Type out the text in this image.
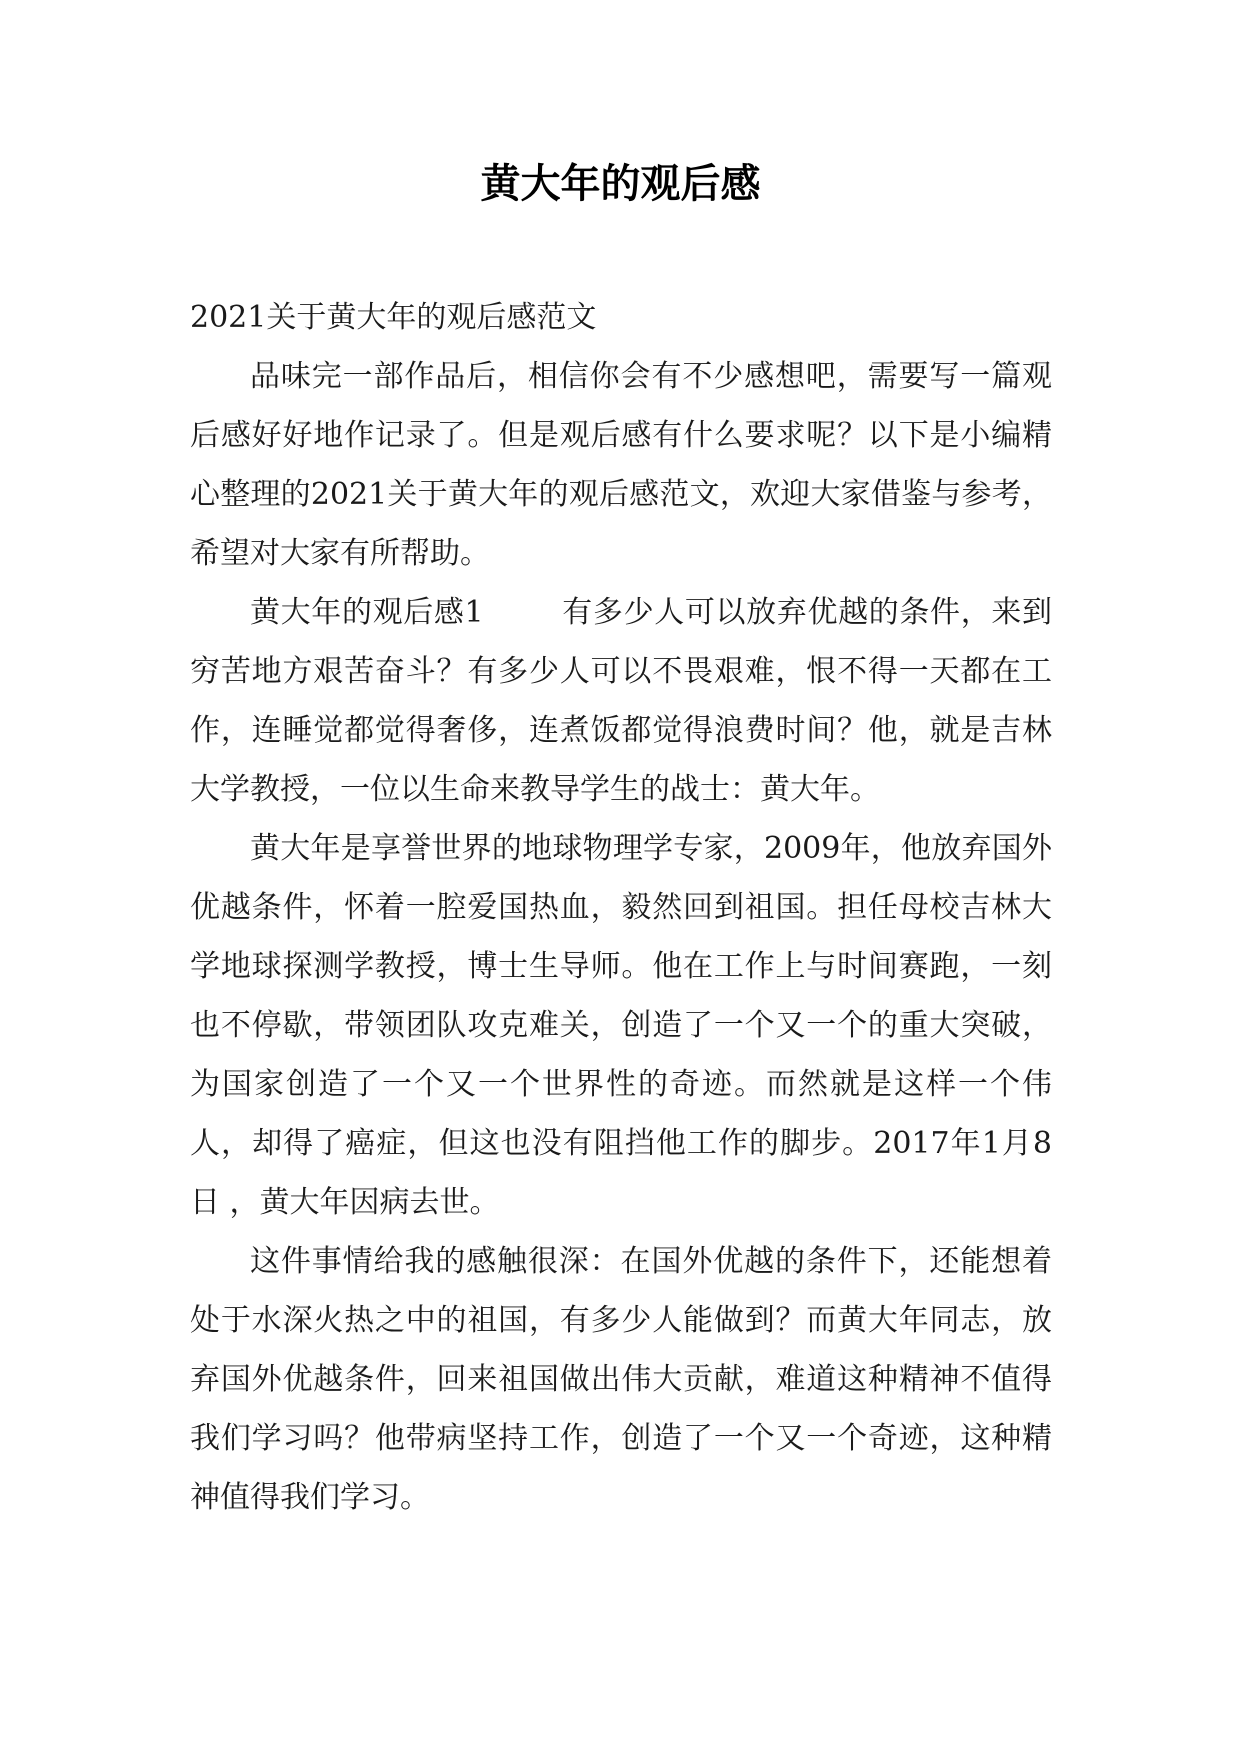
黄大年的观后感

2021关于黄大年的观后感范文

品味完一部作品后，相信你会有不少感想吧，需要写一篇观后感好好地作记录了。但是观后感有什么要求呢？以下是小编精心整理的2021关于黄大年的观后感范文，欢迎大家借鉴与参考，希望对大家有所帮助。

黄大年的观后感1	有多少人可以放弃优越的条件，来到穷苦地方艰苦奋斗？有多少人可以不畏艰难，恨不得一天都在工作，连睡觉都觉得奢侈，连煮饭都觉得浪费时间？他，就是吉林大学教授，一位以生命来教导学生的战士：黄大年。

黄大年是享誉世界的地球物理学专家，2009年，他放弃国外优越条件，怀着一腔爱国热血，毅然回到祖国。担任母校吉林大学地球探测学教授，博士生导师。他在工作上与时间赛跑，一刻也不停歇，带领团队攻克难关，创造了一个又一个的重大突破，为国家创造了一个又一个世界性的奇迹。而然就是这样一个伟人，却得了癌症，但这也没有阻挡他工作的脚步。2017年1月8日 ，黄大年因病去世。

这件事情给我的感触很深：在国外优越的条件下，还能想着处于水深火热之中的祖国，有多少人能做到？而黄大年同志，放弃国外优越条件，回来祖国做出伟大贡献，难道这种精神不值得我们学习吗？他带病坚持工作，创造了一个又一个奇迹，这种精神值得我们学习。
